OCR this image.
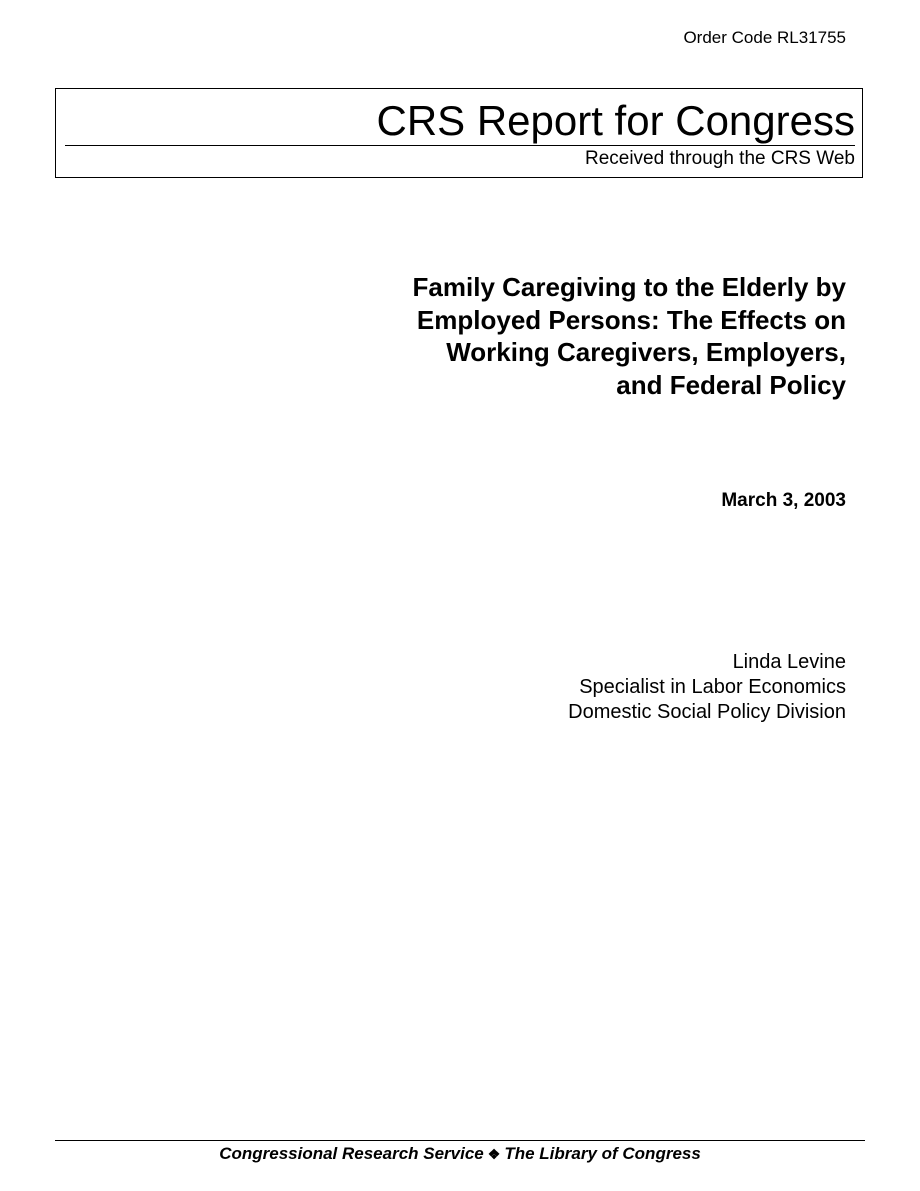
Order Code RL31755
CRS Report for Congress
Received through the CRS Web
Family Caregiving to the Elderly by
Employed Persons: The Effects on
Working Caregivers, Employers,
and Federal Policy
March 3, 2003
Linda Levine
Specialist in Labor Economics
Domestic Social Policy Division
Congressional Research Service ❖ The Library of Congress
